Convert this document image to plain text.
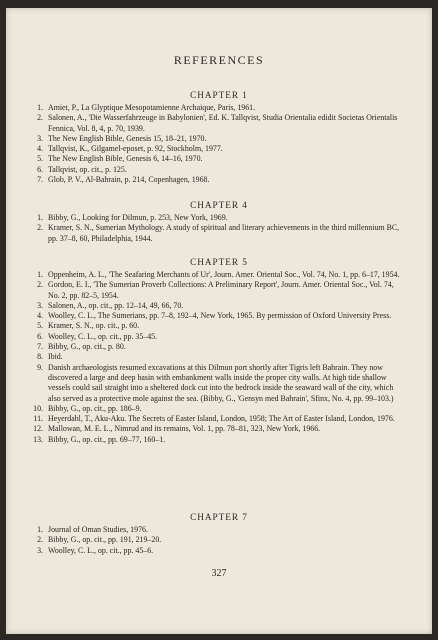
REFERENCES
CHAPTER 1
1. Amiet, P., La Glyptique Mesopotamienne Archaique, Paris, 1961.
2. Salonen, A., 'Die Wasserfahrzeuge in Babylonien', Ed. K. Tallqvist, Studia Orientalia edidit Societas Orientalis Fennica, Vol. 8, 4, p. 70, 1939.
3. The New English Bible, Genesis 15, 18–21, 1970.
4. Tallqvist, K., Gilgamel-eposet, p. 92, Stockholm, 1977.
5. The New English Bible, Genesis 6, 14–16, 1970.
6. Tallqvist, op. cit., p. 125.
7. Glob, P. V., Al-Bahrain, p. 214, Copenhagen, 1968.
CHAPTER 4
1. Bibby, G., Looking for Dilmun, p. 253, New York, 1969.
2. Kramer, S. N., Sumerian Mythology. A study of spiritual and literary achievements in the third millennium BC, pp. 37–8, 60, Philadelphia, 1944.
CHAPTER 5
1. Oppenheim, A. L., 'The Seafaring Merchants of Ur', Journ. Amer. Oriental Soc., Vol. 74, No. 1, pp. 6–17, 1954.
2. Gordon, E. I., 'The Sumerian Proverb Collections: A Preliminary Report', Journ. Amer. Oriental Soc., Vol. 74, No. 2, pp. 82–5, 1954.
3. Salonen, A., op. cit., pp. 12–14, 49, 66, 70.
4. Woolley, C. L., The Sumerians, pp. 7–8, 192–4, New York, 1965. By permission of Oxford University Press.
5. Kramer, S. N., op. cit., p. 60.
6. Woolley, C. L., op. cit., pp. 35–45.
7. Bibby, G., op. cit., p. 80.
8. Ibid.
9. Danish archaeologists resumed excavations at this Dilmun port shortly after Tigris left Bahrain. They now discovered a large and deep basin with embankment walls inside the proper city walls. At high tide shallow vessels could sail straight into a sheltered dock cut into the bedrock inside the seaward wall of the city, which also served as a protective mole against the sea. (Bibby, G., 'Gensyn med Bahrain', Sfinx, No. 4, pp. 99–103.)
10. Bibby, G., op. cit., pp. 186–9.
11. Heyerdahl, T., Aku-Aku. The Secrets of Easter Island, London, 1958; The Art of Easter Island, London, 1976.
12. Mallowan, M. E. L., Nimrud and its remains, Vol. 1, pp. 78–81, 323, New York, 1966.
13. Bibby, G., op. cit., pp. 69–77, 160–1.
CHAPTER 7
1. Journal of Oman Studies, 1976.
2. Bibby, G., op. cit., pp. 191, 219–20.
3. Woolley, C. L., op. cit., pp. 45–6.
327
